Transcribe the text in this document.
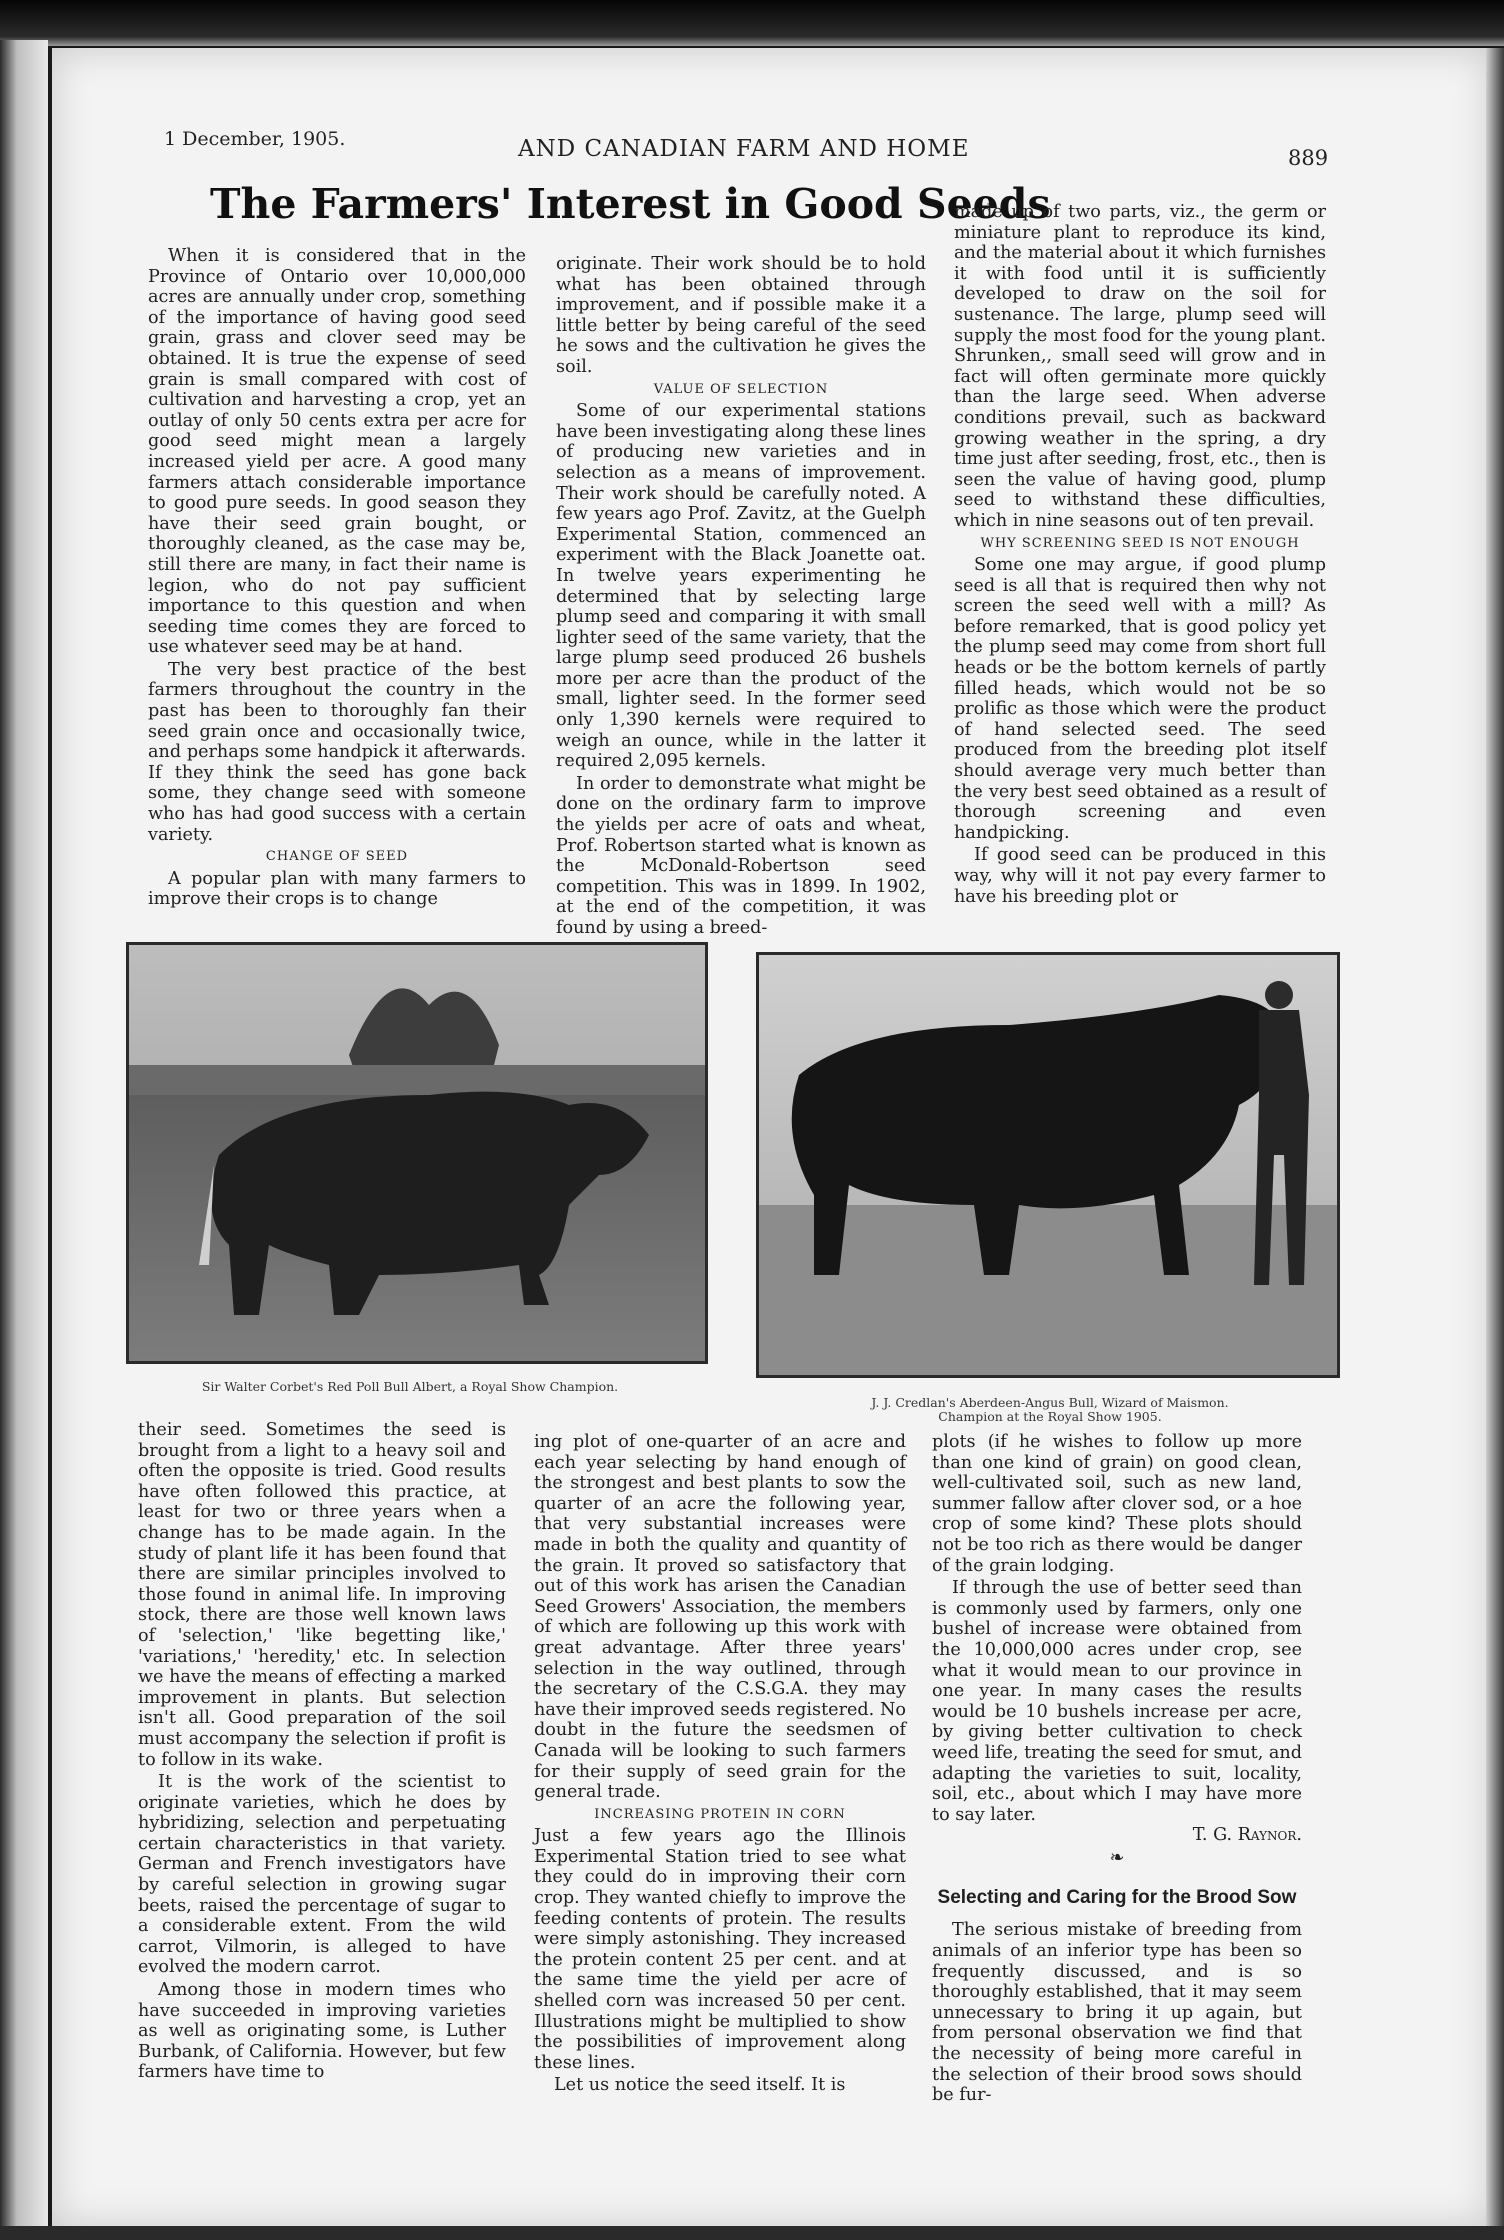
1 December, 1905.	AND CANADIAN FARM AND HOME	889
The Farmers' Interest in Good Seeds

When it is considered that in the Province of Ontario over 10,000,000 acres are annually under crop, something of the importance of having good seed grain, grass and clover seed may be obtained. It is true the expense of seed grain is small compared with cost of cultivation and harvesting a crop, yet an outlay of only 50 cents extra per acre for good seed might mean a largely increased yield per acre. A good many farmers attach considerable importance to good pure seeds. In good season they have their seed grain bought, or thoroughly cleaned, as the case may be, still there are many, in fact their name is legion, who do not pay sufficient importance to this question and when seeding time comes they are forced to use whatever seed may be at hand.

The very best practice of the best farmers throughout the country in the past has been to thoroughly fan their seed grain once and occasionally twice, and perhaps some handpick it afterwards. If they think the seed has gone back some, they change seed with someone who has had good success with a certain variety.

CHANGE OF SEED

A popular plan with many farmers to improve their crops is to change

originate. Their work should be to hold what has been obtained through improvement, and if possible make it a little better by being careful of the seed he sows and the cultivation he gives the soil.

VALUE OF SELECTION

Some of our experimental stations have been investigating along these lines of producing new varieties and in selection as a means of improvement. Their work should be carefully noted. A few years ago Prof. Zavitz, at the Guelph Experimental Station, commenced an experiment with the Black Joanette oat. In twelve years experimenting he determined that by selecting large plump seed and comparing it with small lighter seed of the same variety, that the large plump seed produced 26 bushels more per acre than the product of the small, lighter seed. In the former seed only 1,390 kernels were required to weigh an ounce, while in the latter it required 2,095 kernels.

In order to demonstrate what might be done on the ordinary farm to improve the yields per acre of oats and wheat, Prof. Robertson started what is known as the McDonald-Robertson seed competition. This was in 1899. In 1902, at the end of the competition, it was found by using a breed-

made up of two parts, viz., the germ or miniature plant to reproduce its kind, and the material about it which furnishes it with food until it is sufficiently developed to draw on the soil for sustenance. The large, plump seed will supply the most food for the young plant. Shrunken,, small seed will grow and in fact will often germinate more quickly than the large seed. When adverse conditions prevail, such as backward growing weather in the spring, a dry time just after seeding, frost, etc., then is seen the value of having good, plump seed to withstand these difficulties, which in nine seasons out of ten prevail.

WHY SCREENING SEED IS NOT ENOUGH

Some one may argue, if good plump seed is all that is required then why not screen the seed well with a mill? As before remarked, that is good policy yet the plump seed may come from short full heads or be the bottom kernels of partly filled heads, which would not be so prolific as those which were the product of hand selected seed. The seed produced from the breeding plot itself should average very much better than the very best seed obtained as a result of thorough screening and even handpicking.

If good seed can be produced in this way, why will it not pay every farmer to have his breeding plot or

their seed. Sometimes the seed is brought from a light to a heavy soil and often the opposite is tried. Good results have often followed this practice, at least for two or three years when a change has to be made again. In the study of plant life it has been found that there are similar principles involved to those found in animal life. In improving stock, there are those well known laws of 'selection,' 'like begetting like,' 'variations,' 'heredity,' etc. In selection we have the means of effecting a marked improvement in plants. But selection isn't all. Good preparation of the soil must accompany the selection if profit is to follow in its wake.

It is the work of the scientist to originate varieties, which he does by hybridizing, selection and perpetuating certain characteristics in that variety. German and French investigators have by careful selection in growing sugar beets, raised the percentage of sugar to a considerable extent. From the wild carrot, Vilmorin, is alleged to have evolved the modern carrot.

Among those in modern times who have succeeded in improving varieties as well as originating some, is Luther Burbank, of California. However, but few farmers have time to

ing plot of one-quarter of an acre and each year selecting by hand enough of the strongest and best plants to sow the quarter of an acre the following year, that very substantial increases were made in both the quality and quantity of the grain. It proved so satisfactory that out of this work has arisen the Canadian Seed Growers' Association, the members of which are following up this work with great advantage. After three years' selection in the way outlined, through the secretary of the C.S.G.A. they may have their improved seeds registered. No doubt in the future the seedsmen of Canada will be looking to such farmers for their supply of seed grain for the general trade.

INCREASING PROTEIN IN CORN

Just a few years ago the Illinois Experimental Station tried to see what they could do in improving their corn crop. They wanted chiefly to improve the feeding contents of protein. The results were simply astonishing. They increased the protein content 25 per cent. and at the same time the yield per acre of shelled corn was increased 50 per cent. Illustrations might be multiplied to show the possibilities of improvement along these lines.

Let us notice the seed itself. It is

plots (if he wishes to follow up more than one kind of grain) on good clean, well-cultivated soil, such as new land, summer fallow after clover sod, or a hoe crop of some kind? These plots should not be too rich as there would be danger of the grain lodging.

If through the use of better seed than is commonly used by farmers, only one bushel of increase were obtained from the 10,000,000 acres under crop, see what it would mean to our province in one year. In many cases the results would be 10 bushels increase per acre, by giving better cultivation to check weed life, treating the seed for smut, and adapting the varieties to suit, locality, soil, etc., about which I may have more to say later.

T. G. Raynor.

❧

Selecting and Caring for the Brood Sow

The serious mistake of breeding from animals of an inferior type has been so frequently discussed, and is so thoroughly established, that it may seem unnecessary to bring it up again, but from personal observation we find that the necessity of being more careful in the selection of their brood sows should be fur-

Sir Walter Corbet's Red Poll Bull Albert, a Royal Show Champion.
J. J. Credlan's Aberdeen-Angus Bull, Wizard of Maismon.
Champion at the Royal Show 1905.
